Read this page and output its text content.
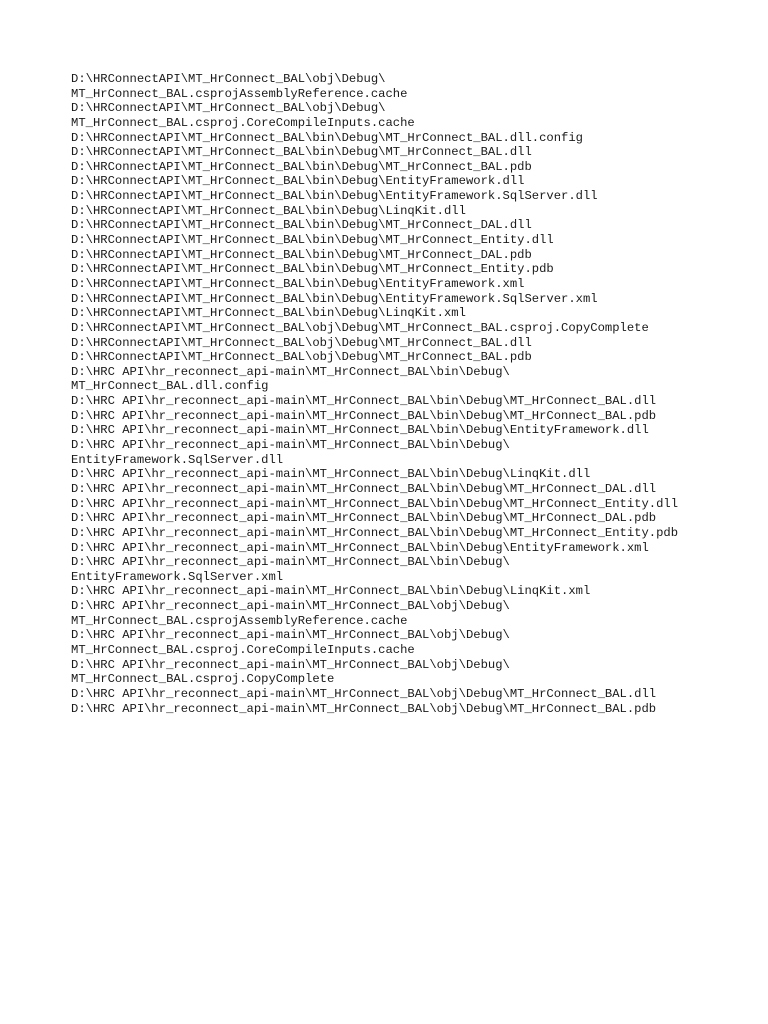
D:\HRConnectAPI\MT_HrConnect_BAL\obj\Debug\
MT_HrConnect_BAL.csprojAssemblyReference.cache
D:\HRConnectAPI\MT_HrConnect_BAL\obj\Debug\
MT_HrConnect_BAL.csproj.CoreCompileInputs.cache
D:\HRConnectAPI\MT_HrConnect_BAL\bin\Debug\MT_HrConnect_BAL.dll.config
D:\HRConnectAPI\MT_HrConnect_BAL\bin\Debug\MT_HrConnect_BAL.dll
D:\HRConnectAPI\MT_HrConnect_BAL\bin\Debug\MT_HrConnect_BAL.pdb
D:\HRConnectAPI\MT_HrConnect_BAL\bin\Debug\EntityFramework.dll
D:\HRConnectAPI\MT_HrConnect_BAL\bin\Debug\EntityFramework.SqlServer.dll
D:\HRConnectAPI\MT_HrConnect_BAL\bin\Debug\LinqKit.dll
D:\HRConnectAPI\MT_HrConnect_BAL\bin\Debug\MT_HrConnect_DAL.dll
D:\HRConnectAPI\MT_HrConnect_BAL\bin\Debug\MT_HrConnect_Entity.dll
D:\HRConnectAPI\MT_HrConnect_BAL\bin\Debug\MT_HrConnect_DAL.pdb
D:\HRConnectAPI\MT_HrConnect_BAL\bin\Debug\MT_HrConnect_Entity.pdb
D:\HRConnectAPI\MT_HrConnect_BAL\bin\Debug\EntityFramework.xml
D:\HRConnectAPI\MT_HrConnect_BAL\bin\Debug\EntityFramework.SqlServer.xml
D:\HRConnectAPI\MT_HrConnect_BAL\bin\Debug\LinqKit.xml
D:\HRConnectAPI\MT_HrConnect_BAL\obj\Debug\MT_HrConnect_BAL.csproj.CopyComplete
D:\HRConnectAPI\MT_HrConnect_BAL\obj\Debug\MT_HrConnect_BAL.dll
D:\HRConnectAPI\MT_HrConnect_BAL\obj\Debug\MT_HrConnect_BAL.pdb
D:\HRC API\hr_reconnect_api-main\MT_HrConnect_BAL\bin\Debug\
MT_HrConnect_BAL.dll.config
D:\HRC API\hr_reconnect_api-main\MT_HrConnect_BAL\bin\Debug\MT_HrConnect_BAL.dll
D:\HRC API\hr_reconnect_api-main\MT_HrConnect_BAL\bin\Debug\MT_HrConnect_BAL.pdb
D:\HRC API\hr_reconnect_api-main\MT_HrConnect_BAL\bin\Debug\EntityFramework.dll
D:\HRC API\hr_reconnect_api-main\MT_HrConnect_BAL\bin\Debug\
EntityFramework.SqlServer.dll
D:\HRC API\hr_reconnect_api-main\MT_HrConnect_BAL\bin\Debug\LinqKit.dll
D:\HRC API\hr_reconnect_api-main\MT_HrConnect_BAL\bin\Debug\MT_HrConnect_DAL.dll
D:\HRC API\hr_reconnect_api-main\MT_HrConnect_BAL\bin\Debug\MT_HrConnect_Entity.dll
D:\HRC API\hr_reconnect_api-main\MT_HrConnect_BAL\bin\Debug\MT_HrConnect_DAL.pdb
D:\HRC API\hr_reconnect_api-main\MT_HrConnect_BAL\bin\Debug\MT_HrConnect_Entity.pdb
D:\HRC API\hr_reconnect_api-main\MT_HrConnect_BAL\bin\Debug\EntityFramework.xml
D:\HRC API\hr_reconnect_api-main\MT_HrConnect_BAL\bin\Debug\
EntityFramework.SqlServer.xml
D:\HRC API\hr_reconnect_api-main\MT_HrConnect_BAL\bin\Debug\LinqKit.xml
D:\HRC API\hr_reconnect_api-main\MT_HrConnect_BAL\obj\Debug\
MT_HrConnect_BAL.csprojAssemblyReference.cache
D:\HRC API\hr_reconnect_api-main\MT_HrConnect_BAL\obj\Debug\
MT_HrConnect_BAL.csproj.CoreCompileInputs.cache
D:\HRC API\hr_reconnect_api-main\MT_HrConnect_BAL\obj\Debug\
MT_HrConnect_BAL.csproj.CopyComplete
D:\HRC API\hr_reconnect_api-main\MT_HrConnect_BAL\obj\Debug\MT_HrConnect_BAL.dll
D:\HRC API\hr_reconnect_api-main\MT_HrConnect_BAL\obj\Debug\MT_HrConnect_BAL.pdb
